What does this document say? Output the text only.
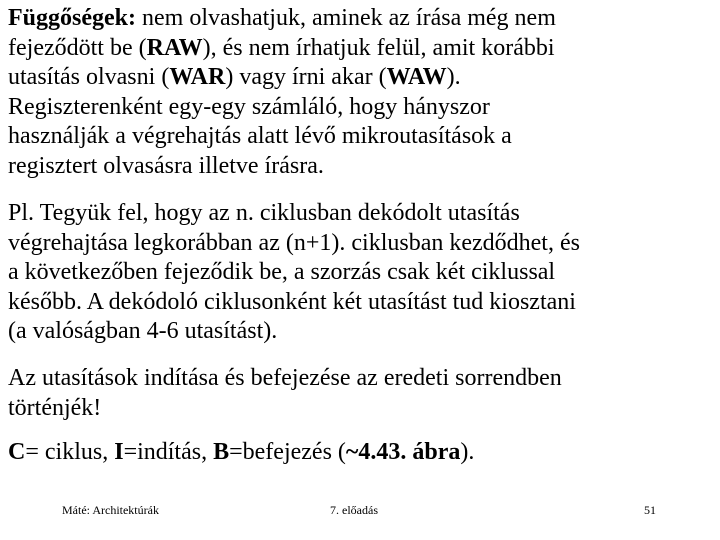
Függőségek: nem olvashatjuk, aminek az írása még nem
fejeződött be (RAW), és nem írhatjuk felül, amit korábbi
utasítás olvasni (WAR) vagy írni akar (WAW).
Regiszterenként egy-egy számláló, hogy hányszor
használják a végrehajtás alatt lévő mikroutasítások a
regisztert olvasásra illetve írásra.
Pl. Tegyük fel, hogy az n. ciklusban dekódolt utasítás
végrehajtása legkorábban az (n+1). ciklusban kezdődhet, és
a következőben fejeződik be, a szorzás csak két ciklussal
később. A dekódoló ciklusonként két utasítást tud kiosztani
(a valóságban 4-6 utasítást).
Az utasítások indítása és befejezése az eredeti sorrendben
történjék!
C= ciklus, I=indítás, B=befejezés (~4.43. ábra).
Máté: Architektúrák	7. előadás	51
